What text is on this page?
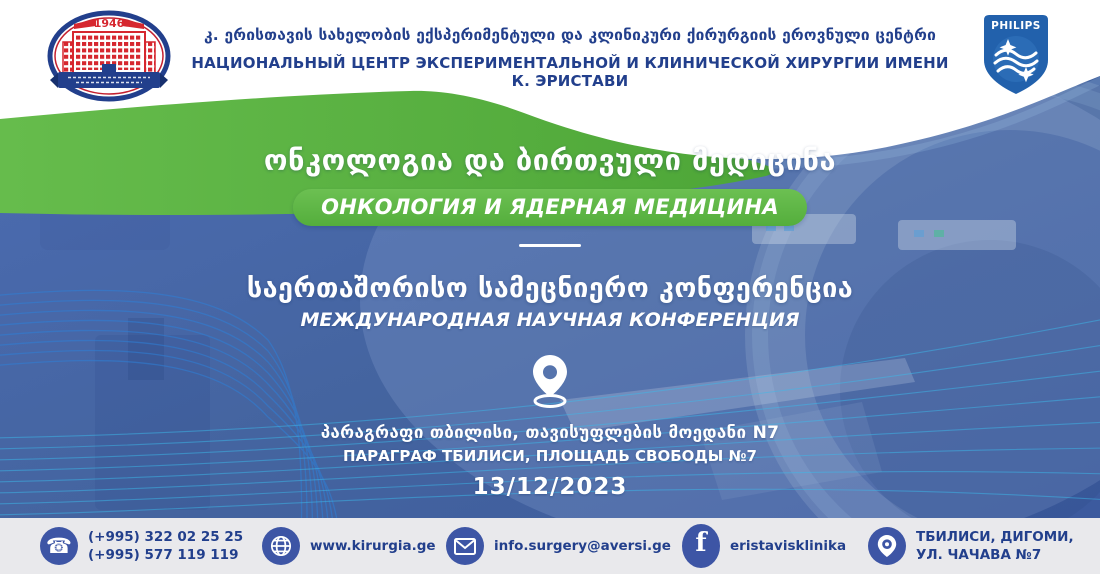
1946
კ. ერისთავის სახელობის ექსპერიმენტული და კლინიკური ქირურგიის ეროვნული ცენტრი
НАЦИОНАЛЬНЫЙ ЦЕНТР ЭКСПЕРИМЕНТАЛЬНОЙ И КЛИНИЧЕСКОЙ ХИРУРГИИ ИМЕНИ К. ЭРИСТАВИ
PHILIPS
ონკოლოგია და ბირთვული მედიცინა
ОНКОЛОГИЯ И ЯДЕРНАЯ МЕДИЦИНА
საერთაშორისო სამეცნიერო კონფერენცია
МЕЖДУНАРОДНАЯ НАУЧНАЯ КОНФЕРЕНЦИЯ
პარაგრაფი თბილისი, თავისუფლების მოედანი N7
ПАРАГРАФ ТБИЛИСИ, ПЛОЩАДЬ СВОБОДЫ №7
13/12/2023
☎	(+995) 322 02 25 25
(+995) 577 119 119
www.kirurgia.ge	info.surgery@aversi.ge f	eristavisklinika
ТБИЛИСИ, ДИГОМИ,
УЛ. ЧАЧАВА №7
